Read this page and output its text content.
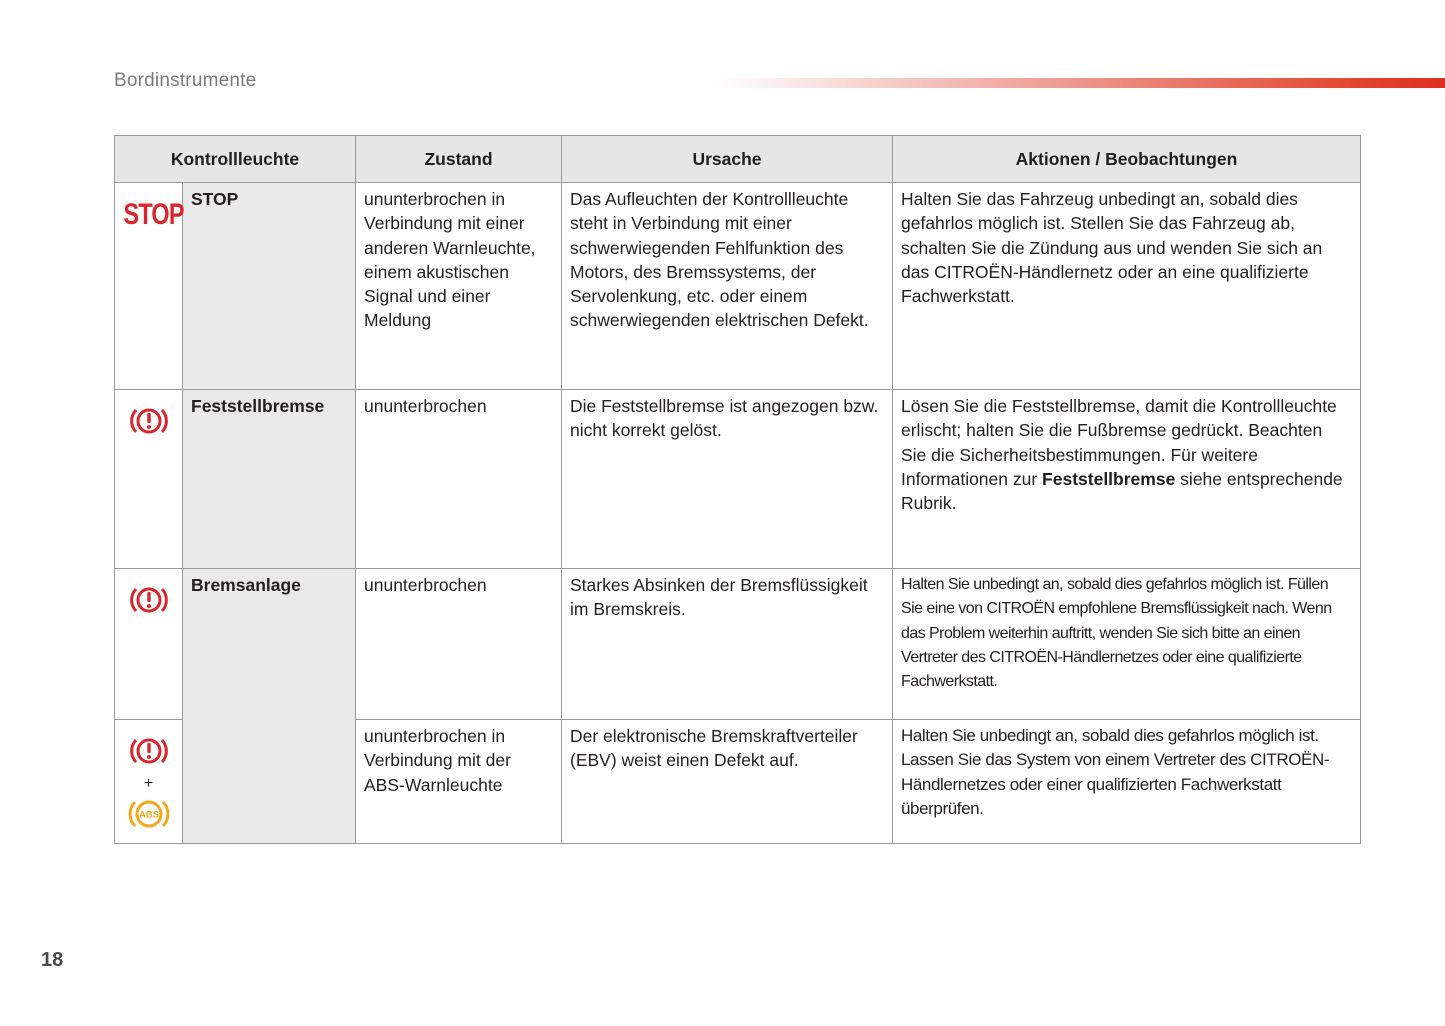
Bordinstrumente
Kontrollleuchte		Zustand	Ursache	Aktionen / Beobachtungen
STOP	STOP	ununterbrochen in Verbindung mit einer anderen Warnleuchte, einem akustischen Signal und einer Meldung	Das Aufleuchten der Kontrollleuchte steht in Verbindung mit einer schwerwiegenden Fehlfunktion des Motors, des Bremssystems, der Servolenkung, etc. oder einem schwerwiegenden elektrischen Defekt.	Halten Sie das Fahrzeug unbedingt an, sobald dies gefahrlos möglich ist. Stellen Sie das Fahrzeug ab, schalten Sie die Zündung aus und wenden Sie sich an das CITROËN-Händlernetz oder an eine qualifizierte Fachwerkstatt.
	Feststellbremse	ununterbrochen	Die Feststellbremse ist angezogen bzw. nicht korrekt gelöst.	Lösen Sie die Feststellbremse, damit die Kontrollleuchte erlischt; halten Sie die Fußbremse gedrückt. Beachten Sie die Sicherheitsbestimmungen. Für weitere Informationen zur Feststellbremse siehe entsprechende Rubrik.
	Bremsanlage	ununterbrochen	Starkes Absinken der Bremsflüssigkeit im Bremskreis.	Halten Sie unbedingt an, sobald dies gefahrlos möglich ist. Füllen Sie eine von CITROËN empfohlene Bremsflüssigkeit nach. Wenn das Problem weiterhin auftritt, wenden Sie sich bitte an einen Vertreter des CITROËN-Händlernetzes oder eine qualifizierte Fachwerkstatt.

+
ABS		ununterbrochen in Verbindung mit der ABS-Warnleuchte	Der elektronische Bremskraftverteiler (EBV) weist einen Defekt auf.	Halten Sie unbedingt an, sobald dies gefahrlos möglich ist. Lassen Sie das System von einem Vertreter des CITROËN-Händlernetzes oder einer qualifizierten Fachwerkstatt überprüfen.
18
